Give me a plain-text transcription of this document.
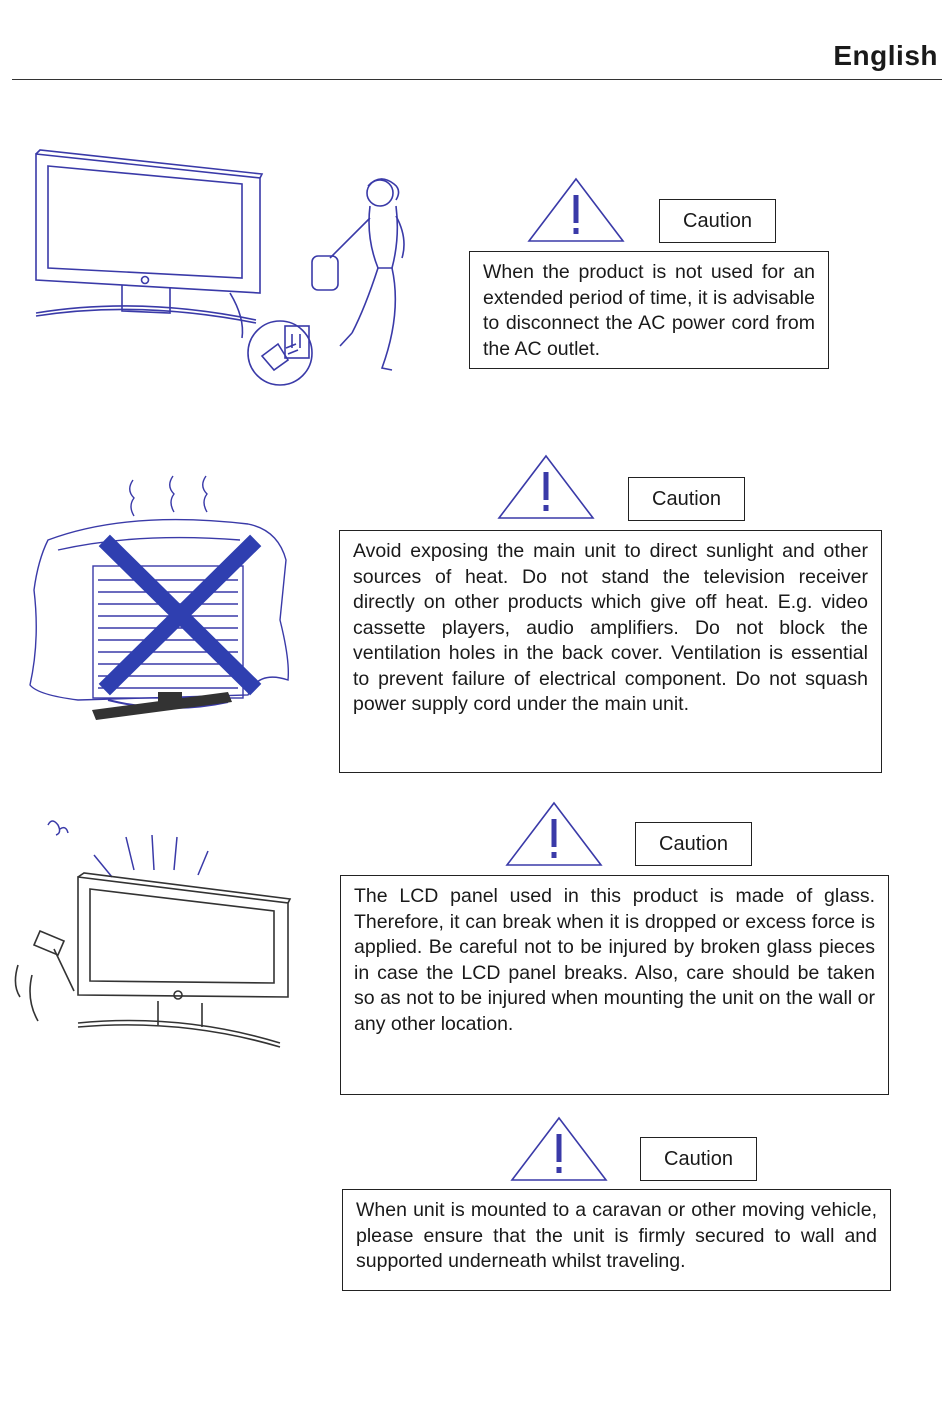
English
Caution
When the product is not used for an extended period of time, it is advisable to disconnect the AC power cord from the AC outlet.
Caution
Avoid exposing the main unit to direct sunlight and other sources of heat. Do not stand the television receiver directly on other products which give off heat. E.g. video cassette players, audio amplifiers. Do not block the ventilation holes in the back cover. Ventilation is essential to prevent failure of electrical component. Do not squash power supply cord under the main unit.
Caution
The LCD panel used in this product is made of glass. Therefore, it can break when it is dropped or excess force is applied. Be careful not to be injured by broken glass pieces in case the LCD panel breaks. Also, care should be taken so as not to be injured when mounting the unit on the wall or any other location.
Caution
When unit is mounted to a caravan or other moving vehicle, please ensure that the unit is firmly secured to wall and supported underneath whilst traveling.
